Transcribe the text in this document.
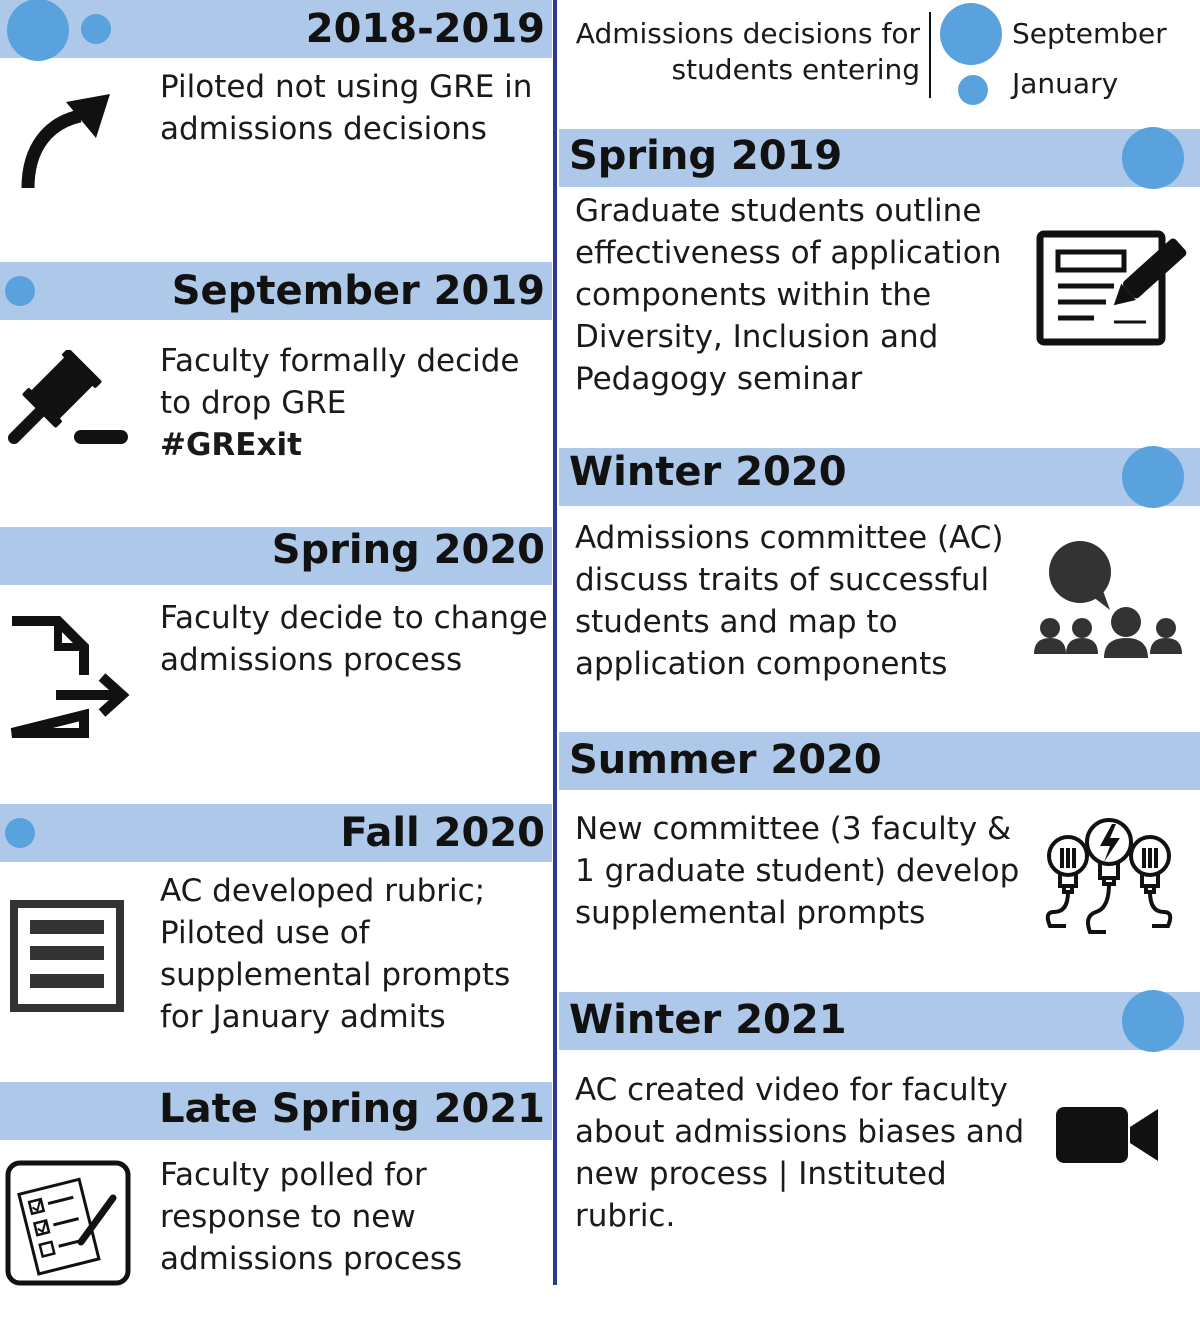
Admissions decisions for
students entering
September
January
2018-2019
Piloted not using GRE in
admissions decisions
September 2019
Faculty formally decide
to drop GRE
#GRExit
Spring 2020
Faculty decide to change
admissions process
Fall 2020
AC developed rubric;
Piloted use of
supplemental prompts
for January admits
Late Spring 2021
Faculty polled for
response to new
admissions process
Spring 2019
Graduate students outline
effectiveness of application
components within the
Diversity, Inclusion and
Pedagogy seminar
Winter 2020
Admissions committee (AC)
discuss traits of successful
students and map to
application components
Summer 2020
New committee (3 faculty &
1 graduate student) develop
supplemental prompts
Winter 2021
AC created video for faculty
about admissions biases and
new process | Instituted
rubric.
